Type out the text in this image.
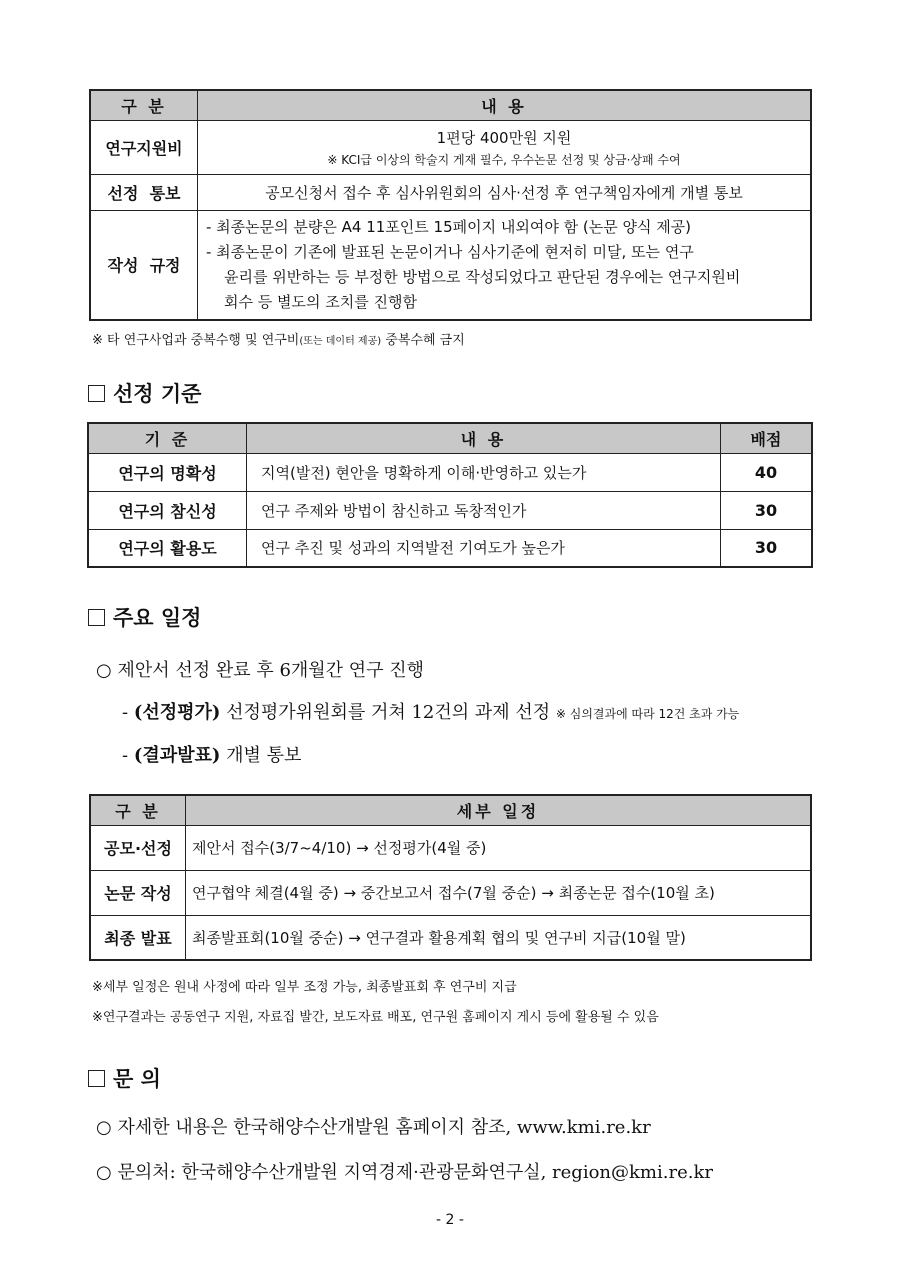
구 분	내 용
연구지원비	1편당 400만원 지원
※ KCI급 이상의 학술지 게재 필수, 우수논문 선정 및 상금·상패 수여

선정  통보	공모신청서 접수 후 심사위원회의 심사·선정 후 연구책임자에게 개별 통보
작성  규정	- 최종논문의 분량은 A4 11포인트 15페이지 내외여야 함 (논문 양식 제공)
- 최종논문이 기존에 발표된 논문이거나 심사기준에 현저히 미달, 또는 연구
윤리를 위반하는 등 부정한 방법으로 작성되었다고 판단된 경우에는 연구지원비
회수 등 별도의 조치를 진행함
※ 타 연구사업과 중복수행 및 연구비(또는 데이터 제공) 중복수혜 금지
선정 기준
기 준	내 용	배점
연구의 명확성	지역(발전) 현안을 명확하게 이해·반영하고 있는가	40
연구의 참신성	연구 주제와 방법이 참신하고 독창적인가	30
연구의 활용도	연구 추진 및 성과의 지역발전 기여도가 높은가	30
주요 일정
○ 제안서 선정 완료 후 6개월간 연구 진행
- (선정평가) 선정평가위원회를 거쳐 12건의 과제 선정 ※ 심의결과에 따라 12건 초과 가능
- (결과발표) 개별 통보
구 분	세부 일정
공모·선정	제안서 접수(3/7~4/10) → 선정평가(4월 중)
논문 작성	연구협약 체결(4월 중) → 중간보고서 접수(7월 중순) → 최종논문 접수(10월 초)
최종 발표	최종발표회(10월 중순) → 연구결과 활용계획 협의 및 연구비 지급(10월 말)
※세부 일정은 원내 사정에 따라 일부 조정 가능, 최종발표회 후 연구비 지급
※연구결과는 공동연구 지원, 자료집 발간, 보도자료 배포, 연구원 홈페이지 게시 등에 활용될 수 있음
문 의
○ 자세한 내용은 한국해양수산개발원 홈페이지 참조, www.kmi.re.kr
○ 문의처: 한국해양수산개발원 지역경제·관광문화연구실, region@kmi.re.kr
- 2 -
